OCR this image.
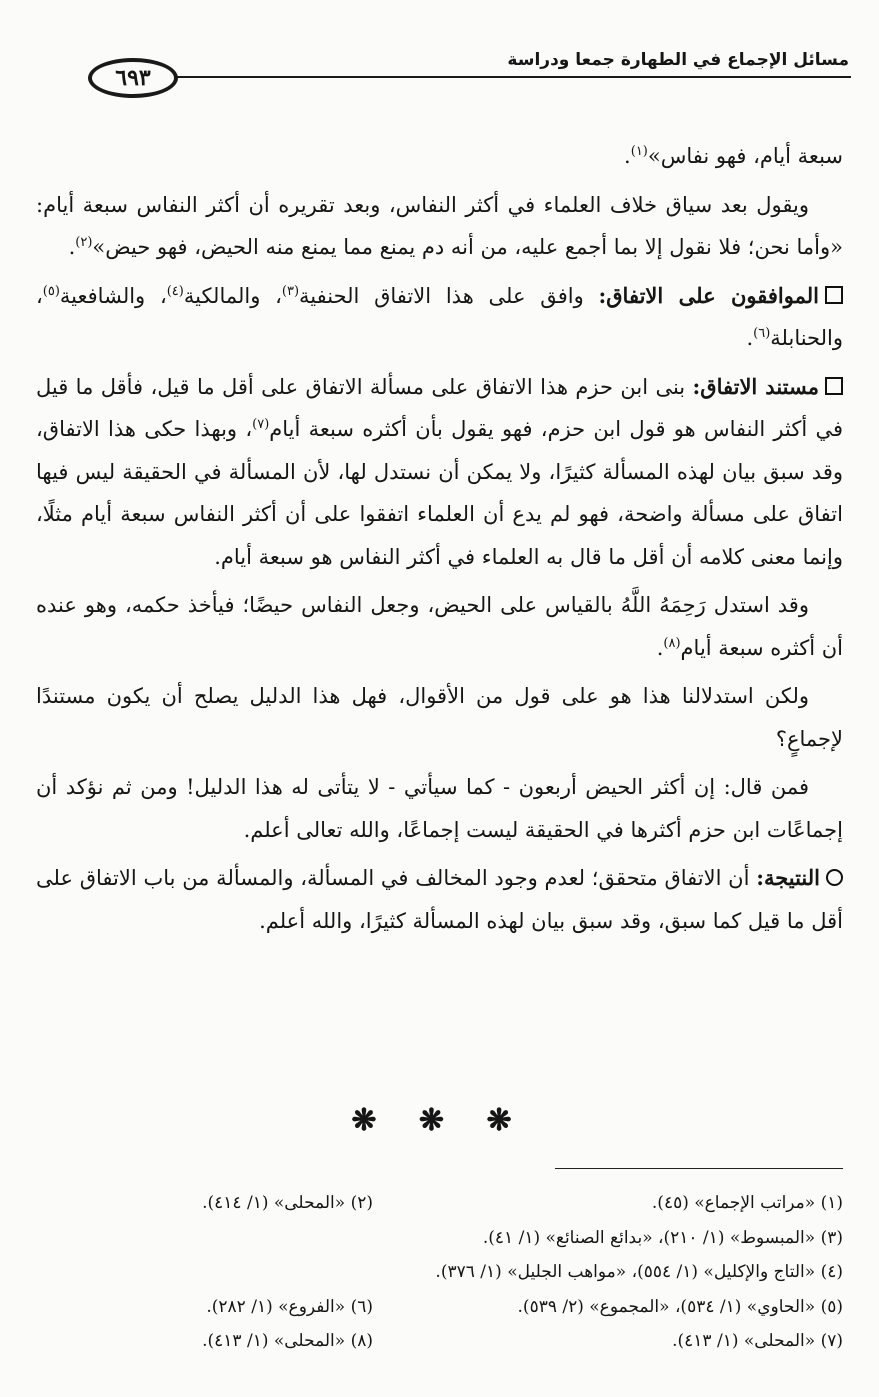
مسائل الإجماع في الطهارة جمعا ودراسة
٦٩٣

سبعة أيام، فهو نفاس»$^{(١)}$.

ويقول بعد سياق خلاف العلماء في أكثر النفاس، وبعد تقريره أن أكثر النفاس سبعة أيام: «وأما نحن؛ فلا نقول إلا بما أجمع عليه، من أنه دم يمنع مما يمنع منه الحيض، فهو حيض»$^{(٢)}$.

الموافقون على الاتفاق: وافق على هذا الاتفاق الحنفية$^{(٣)}$، والمالكية$^{(٤)}$، والشافعية$^{(٥)}$، والحنابلة$^{(٦)}$.

مستند الاتفاق: بنى ابن حزم هذا الاتفاق على مسألة الاتفاق على أقل ما قيل، فأقل ما قيل في أكثر النفاس هو قول ابن حزم، فهو يقول بأن أكثره سبعة أيام$^{(٧)}$، وبهذا حكى هذا الاتفاق، وقد سبق بيان لهذه المسألة كثيرًا، ولا يمكن أن نستدل لها، لأن المسألة في الحقيقة ليس فيها اتفاق على مسألة واضحة، فهو لم يدع أن العلماء اتفقوا على أن أكثر النفاس سبعة أيام مثلًا، وإنما معنى كلامه أن أقل ما قال به العلماء في أكثر النفاس هو سبعة أيام.

وقد استدل رَحِمَهُ اللَّهُ بالقياس على الحيض، وجعل النفاس حيضًا؛ فيأخذ حكمه، وهو عنده أن أكثره سبعة أيام$^{(٨)}$.

ولكن استدلالنا هذا هو على قول من الأقوال، فهل هذا الدليل يصلح أن يكون مستندًا لإجماعٍ؟

فمن قال: إن أكثر الحيض أربعون - كما سيأتي - لا يتأتى له هذا الدليل! ومن ثم نؤكد أن إجماعًات ابن حزم أكثرها في الحقيقة ليست إجماعًا، والله تعالى أعلم.

النتيجة: أن الاتفاق متحقق؛ لعدم وجود المخالف في المسألة، والمسألة من باب الاتفاق على أقل ما قيل كما سبق، وقد سبق بيان لهذه المسألة كثيرًا، والله أعلم.

❋ ❋ ❋
(١) «مراتب الإجماع» (٤٥).
(٢) «المحلى» (١/ ٤١٤).
(٣) «المبسوط» (١/ ٢١٠)، «بدائع الصنائع» (١/ ٤١).
(٤) «التاج والإكليل» (١/ ٥٥٤)، «مواهب الجليل» (١/ ٣٧٦).
(٥) «الحاوي» (١/ ٥٣٤)، «المجموع» (٢/ ٥٣٩).
(٦) «الفروع» (١/ ٢٨٢).
(٧) «المحلى» (١/ ٤١٣).
(٨) «المحلى» (١/ ٤١٣).
